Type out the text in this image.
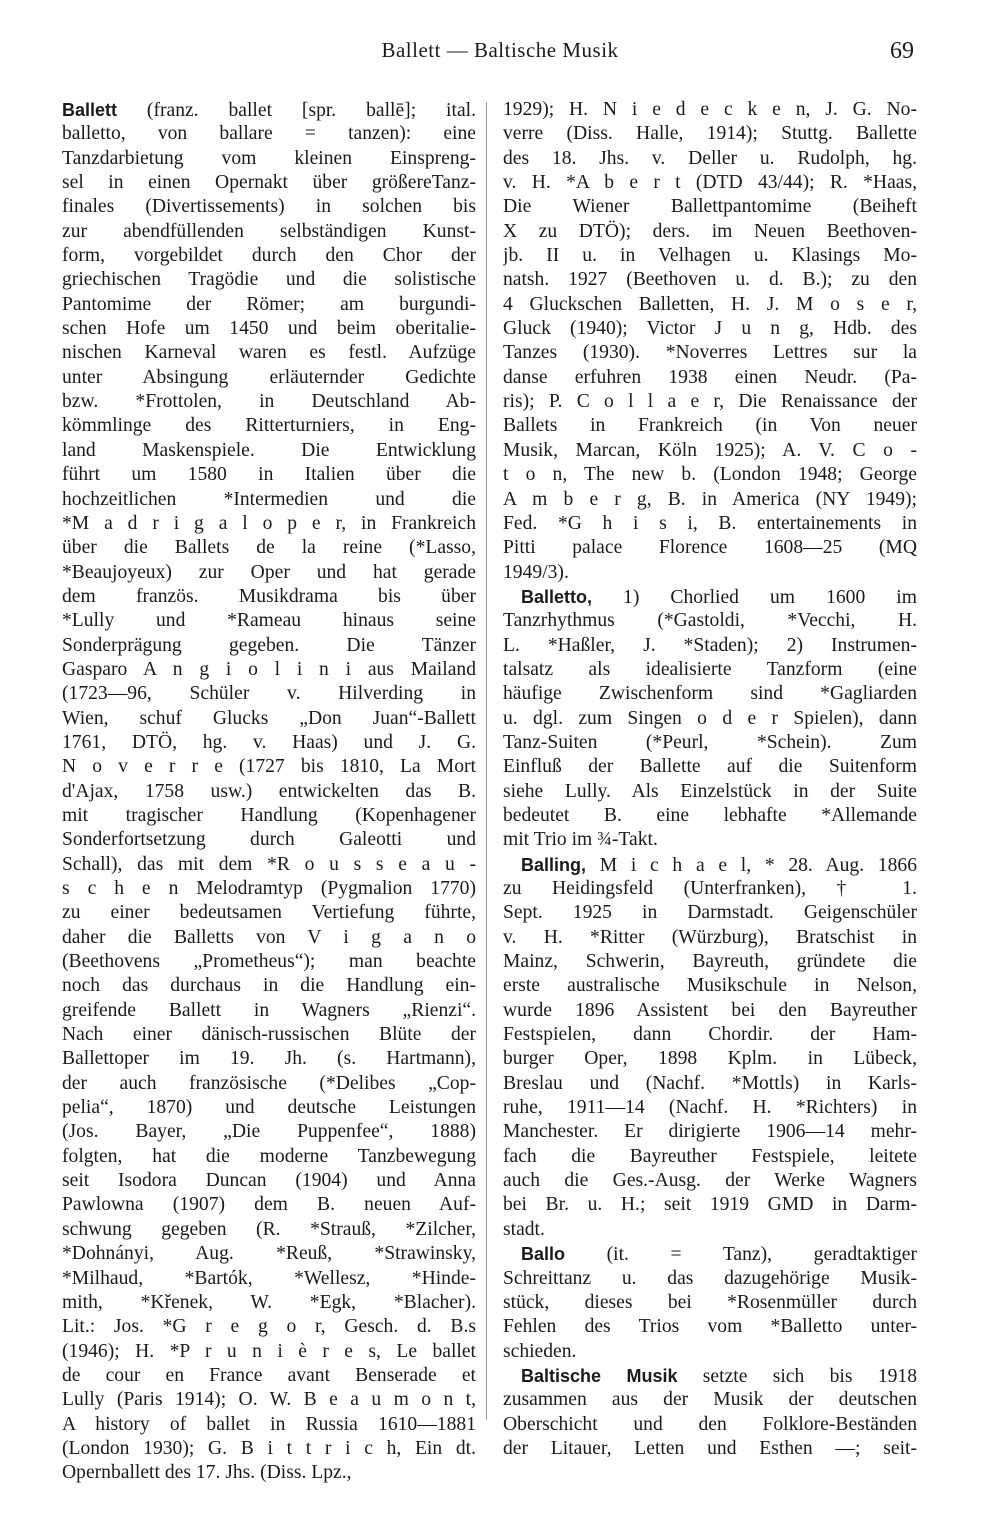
Ballett — Baltische Musik	69
Ballett (franz. ballet [spr. ballē]; ital.
balletto, von ballare = tanzen): eine
Tanzdarbietung vom kleinen Einspreng-
sel in einen Opernakt über größereTanz-
finales (Divertissements) in solchen bis
zur abendfüllenden selbständigen Kunst-
form, vorgebildet durch den Chor der
griechischen Tragödie und die solistische
Pantomime der Römer; am burgundi-
schen Hofe um 1450 und beim oberitalie-
nischen Karneval waren es festl. Aufzüge
unter Absingung erläuternder Gedichte
bzw. *Frottolen, in Deutschland Ab-
kömmlinge des Ritterturniers, in Eng-
land Maskenspiele. Die Entwicklung
führt um 1580 in Italien über die
hochzeitlichen *Intermedien und die
*M a d r i g a l o p e r, in Frankreich
über die Ballets de la reine (*Lasso,
*Beaujoyeux) zur Oper und hat gerade
dem französ. Musikdrama bis über
*Lully und *Rameau hinaus seine
Sonderprägung gegeben. Die Tänzer
Gasparo A n g i o l i n i aus Mailand
(1723—96, Schüler v. Hilverding in
Wien, schuf Glucks „Don Juan“-Ballett
1761, DTÖ, hg. v. Haas) und J. G.
N o v e r r e (1727 bis 1810, La Mort
d'Ajax, 1758 usw.) entwickelten das B.
mit tragischer Handlung (Kopenhagener
Sonderfortsetzung durch Galeotti und
Schall), das mit dem *R o u s s e a u -
s c h e n Melodramtyp (Pygmalion 1770)
zu einer bedeutsamen Vertiefung führte,
daher die Balletts von V i g a n o
(Beethovens „Prometheus“); man beachte
noch das durchaus in die Handlung ein-
greifende Ballett in Wagners „Rienzi“.
Nach einer dänisch-russischen Blüte der
Ballettoper im 19. Jh. (s. Hartmann),
der auch französische (*Delibes „Cop-
pelia“, 1870) und deutsche Leistungen
(Jos. Bayer, „Die Puppenfee“, 1888)
folgten, hat die moderne Tanzbewegung
seit Isodora Duncan (1904) und Anna
Pawlowna (1907) dem B. neuen Auf-
schwung gegeben (R. *Strauß, *Zilcher,
*Dohnányi, Aug. *Reuß, *Strawinsky,
*Milhaud, *Bartók, *Wellesz, *Hinde-
mith, *Křenek, W. *Egk, *Blacher).
Lit.: Jos. *G r e g o r, Gesch. d. B.s
(1946); H. *P r u n i è r e s, Le ballet
de cour en France avant Benserade et
Lully (Paris 1914); O. W. B e a u m o n t,
A history of ballet in Russia 1610—1881
(London 1930); G. B i t t r i c h, Ein dt.
Opernballett des 17. Jhs. (Diss. Lpz.,
1929); H. N i e d e c k e n, J. G. No-
verre (Diss. Halle, 1914); Stuttg. Ballette
des 18. Jhs. v. Deller u. Rudolph, hg.
v. H. *A b e r t (DTD 43/44); R. *Haas,
Die Wiener Ballettpantomime (Beiheft
X zu DTÖ); ders. im Neuen Beethoven-
jb. II u. in Velhagen u. Klasings Mo-
natsh. 1927 (Beethoven u. d. B.); zu den
4 Gluckschen Balletten, H. J. M o s e r,
Gluck (1940); Victor J u n g, Hdb. des
Tanzes (1930). *Noverres Lettres sur la
danse erfuhren 1938 einen Neudr. (Pa-
ris); P. C o l l a e r, Die Renaissance der
Ballets in Frankreich (in Von neuer
Musik, Marcan, Köln 1925); A. V. C o -
t o n, The new b. (London 1948; George
A m b e r g, B. in America (NY 1949);
Fed. *G h i s i, B. entertainements in
Pitti palace Florence 1608—25 (MQ
1949/3).
Balletto, 1) Chorlied um 1600 im
Tanzrhythmus (*Gastoldi, *Vecchi, H.
L. *Haßler, J. *Staden); 2) Instrumen-
talsatz als idealisierte Tanzform (eine
häufige Zwischenform sind *Gagliarden
u. dgl. zum Singen o d e r Spielen), dann
Tanz-Suiten (*Peurl, *Schein). Zum
Einfluß der Ballette auf die Suitenform
siehe Lully. Als Einzelstück in der Suite
bedeutet B. eine lebhafte *Allemande
mit Trio im ¾-Takt.
Balling, M i c h a e l, * 28. Aug. 1866
zu Heidingsfeld (Unterfranken), † 1.
Sept. 1925 in Darmstadt. Geigenschüler
v. H. *Ritter (Würzburg), Bratschist in
Mainz, Schwerin, Bayreuth, gründete die
erste australische Musikschule in Nelson,
wurde 1896 Assistent bei den Bayreuther
Festspielen, dann Chordir. der Ham-
burger Oper, 1898 Kplm. in Lübeck,
Breslau und (Nachf. *Mottls) in Karls-
ruhe, 1911—14 (Nachf. H. *Richters) in
Manchester. Er dirigierte 1906—14 mehr-
fach die Bayreuther Festspiele, leitete
auch die Ges.-Ausg. der Werke Wagners
bei Br. u. H.; seit 1919 GMD in Darm-
stadt.
Ballo (it. = Tanz), geradtaktiger
Schreittanz u. das dazugehörige Musik-
stück, dieses bei *Rosenmüller durch
Fehlen des Trios vom *Balletto unter-
schieden.
Baltische Musik setzte sich bis 1918
zusammen aus der Musik der deutschen
Oberschicht und den Folklore-Beständen
der Litauer, Letten und Esthen —; seit-
